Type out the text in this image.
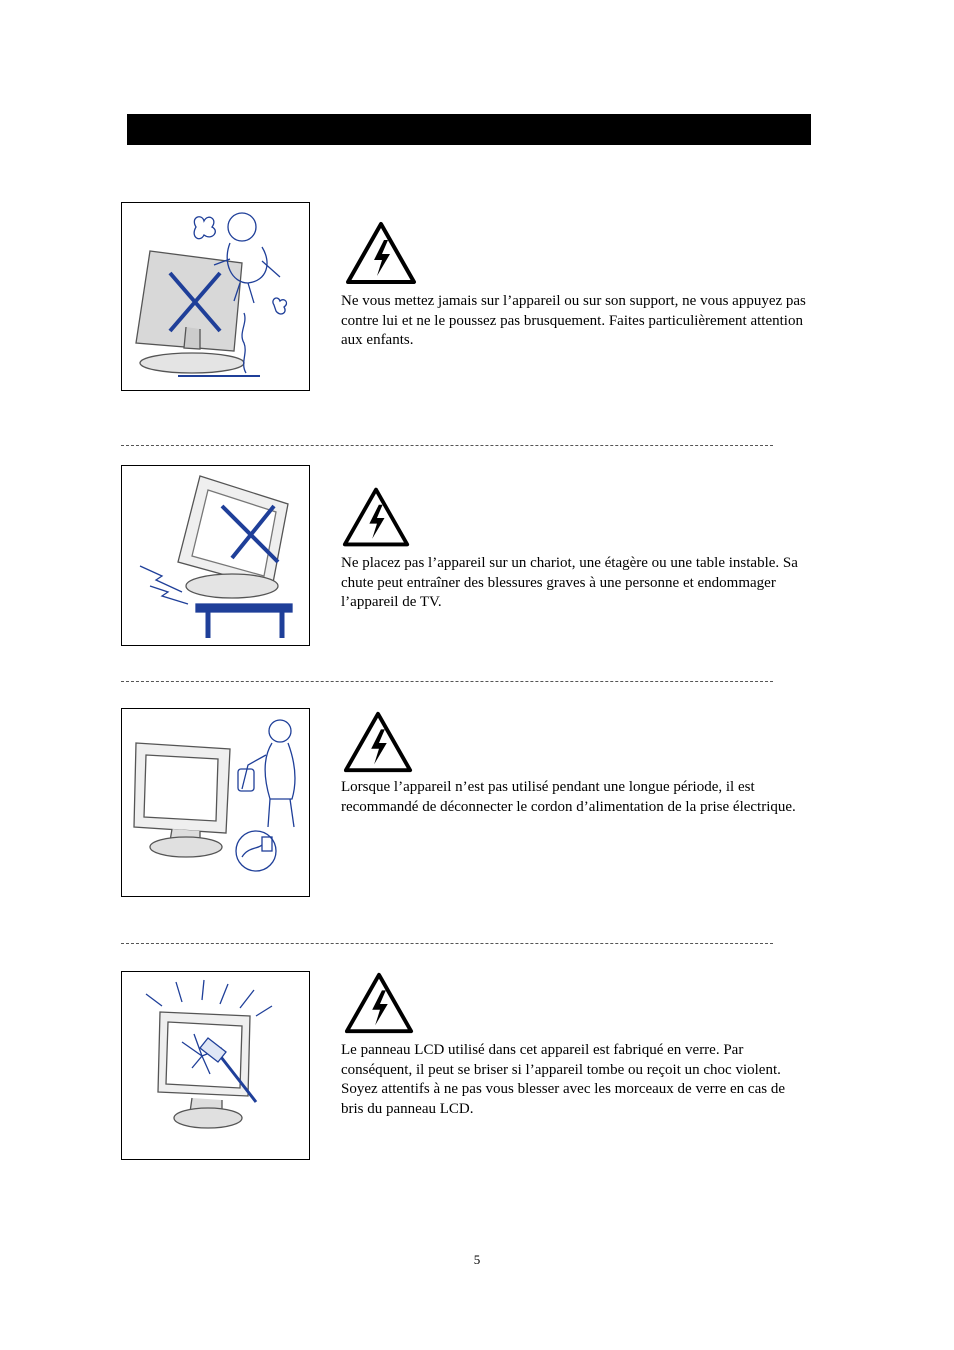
Ne vous mettez jamais sur l’appareil ou sur son support, ne vous appuyez pas contre lui et ne le poussez pas brusquement. Faites particulièrement attention aux enfants.

Ne placez pas l’appareil sur un chariot, une étagère ou une table instable. Sa chute peut entraîner des blessures graves à une personne et endommager l’appareil de TV.

Lorsque l’appareil n’est pas utilisé pendant une longue période, il est recommandé de déconnecter le cordon d’alimentation de la prise électrique.

Le panneau LCD utilisé dans cet appareil est fabriqué en verre. Par conséquent, il peut se briser si l’appareil tombe ou reçoit un choc violent. Soyez attentifs à ne pas vous blesser avec les morceaux de verre en cas de bris du panneau LCD.

5
